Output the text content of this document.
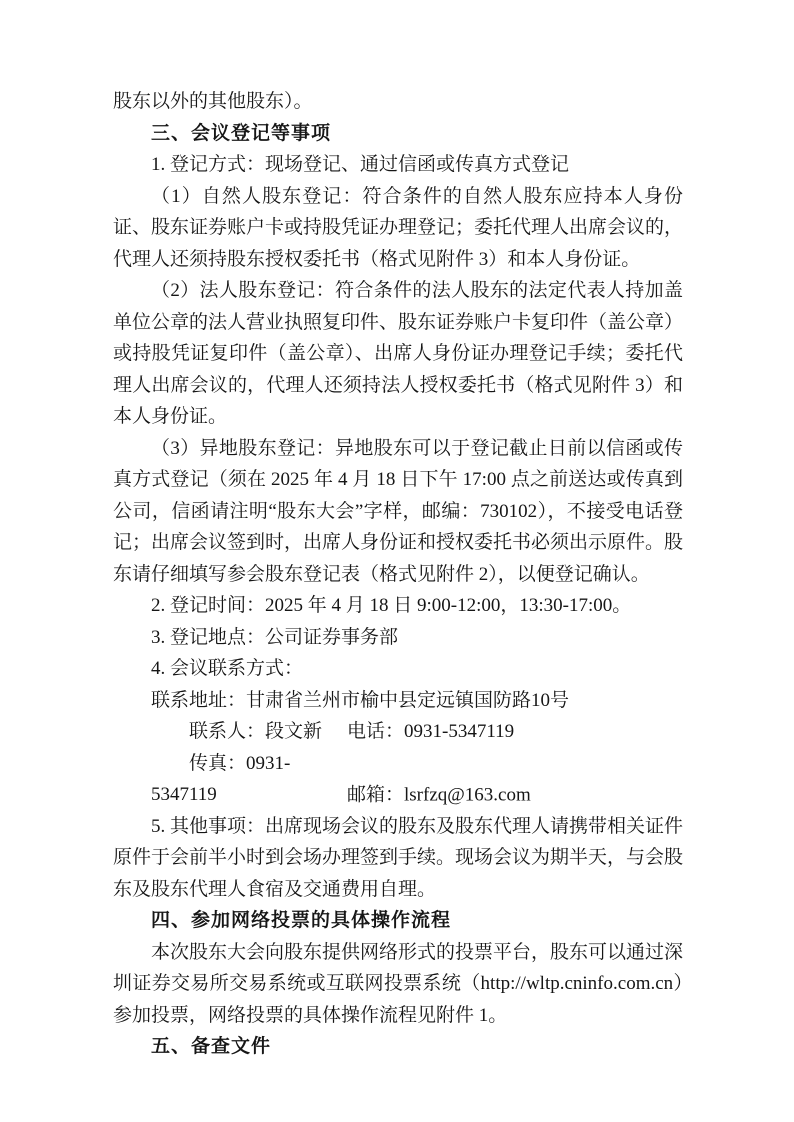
股东以外的其他股东）。

三、会议登记等事项

1. 登记方式：现场登记、通过信函或传真方式登记

（1）自然人股东登记：符合条件的自然人股东应持本人身份证、股东证券账户卡或持股凭证办理登记；委托代理人出席会议的，代理人还须持股东授权委托书（格式见附件 3）和本人身份证。

（2）法人股东登记：符合条件的法人股东的法定代表人持加盖单位公章的法人营业执照复印件、股东证券账户卡复印件（盖公章）或持股凭证复印件（盖公章）、出席人身份证办理登记手续；委托代理人出席会议的，代理人还须持法人授权委托书（格式见附件 3）和本人身份证。

（3）异地股东登记：异地股东可以于登记截止日前以信函或传真方式登记（须在 2025 年 4 月 18 日下午 17:00 点之前送达或传真到公司，信函请注明“股东大会”字样，邮编：730102），不接受电话登记；出席会议签到时，出席人身份证和授权委托书必须出示原件。股东请仔细填写参会股东登记表（格式见附件 2），以便登记确认。

2. 登记时间：2025 年 4 月 18 日 9:00-12:00，13:30-17:00。

3. 登记地点：公司证券事务部

4. 会议联系方式：

联系地址：甘肃省兰州市榆中县定远镇国防路10号

联系人：段文新 电话：0931-5347119

传真：0931-5347119	邮箱：lsrfzq@163.com

5. 其他事项：出席现场会议的股东及股东代理人请携带相关证件原件于会前半小时到会场办理签到手续。现场会议为期半天，与会股东及股东代理人食宿及交通费用自理。

四、参加网络投票的具体操作流程

本次股东大会向股东提供网络形式的投票平台，股东可以通过深圳证券交易所交易系统或互联网投票系统（http://wltp.cninfo.com.cn）参加投票，网络投票的具体操作流程见附件 1。

五、备查文件
